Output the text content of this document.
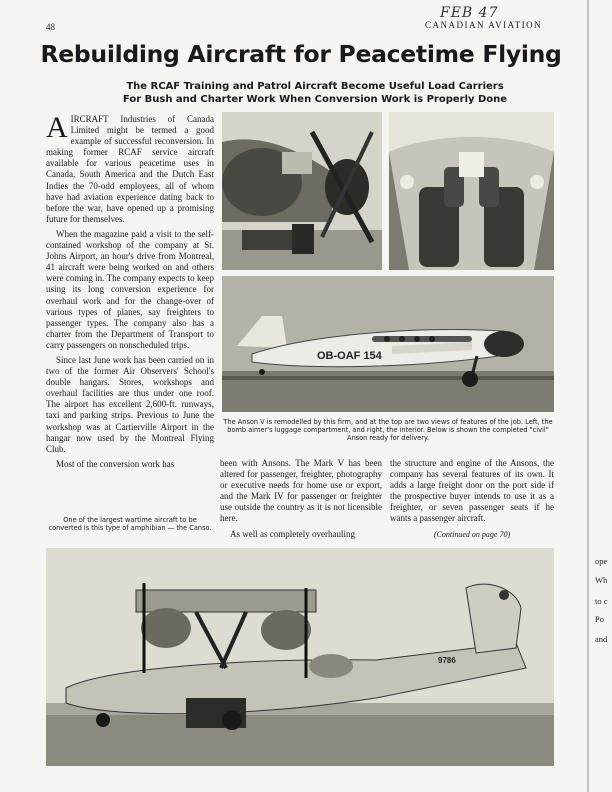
48
FEB 47
CANADIAN AVIATION
Rebuilding Aircraft for Peacetime Flying
The RCAF Training and Patrol Aircraft Become Useful Load Carriers
For Bush and Charter Work When Conversion Work is Properly Done

AIRCRAFT Industries of Canada Limited might be termed a good example of successful reconversion. In making former RCAF service aircraft available for various peacetime uses in Canada, South America and the Dutch East Indies the 70-odd employees, all of whom have had aviation experience dating back to before the war, have opened up a promising future for themselves.

When the magazine paid a visit to the self-contained workshop of the company at St. Johns Airport, an hour's drive from Montreal, 41 aircraft were being worked on and others were coming in. The company expects to keep using its long conversion experience for overhaul work and for the change-over of various types of planes, say freighters to passenger types. The company also has a charter from the Department of Transport to carry passengers on nonscheduled trips.

Since last June work has been carried on in two of the former Air Observers' School's double hangars. Stores, workshops and overhaul facilities are thus under one roof. The airport has excellent 2,600-ft. runways, taxi and parking strips. Previous to June the workshop was at Cartierville Airport in the hangar now used by the Montreal Flying Club.

Most of the conversion work has

One of the largest wartime aircraft to be converted is this type of amphibian — the Canso.
OB-OAF 154
The Anson V is remodelled by this firm, and at the top are two views of features of the job. Left, the bomb aimer's luggage compartment, and right, the interior. Below is shown the completed "civil" Anson ready for delivery.

been with Ansons. The Mark V has been altered for passenger, freighter, photography or executive needs for home use or export, and the Mark IV for passenger or freighter use outside the country as it is not licensible here.

As well as completely overhauling

the structure and engine of the Ansons, the company has several features of its own. It adds a large freight door on the port side if the prospective buyer intends to use it as a freighter, or seven passenger seats if he wants a passenger aircraft.

(Continued on page 70)
9786
ope
Wh
to c
Po
and
